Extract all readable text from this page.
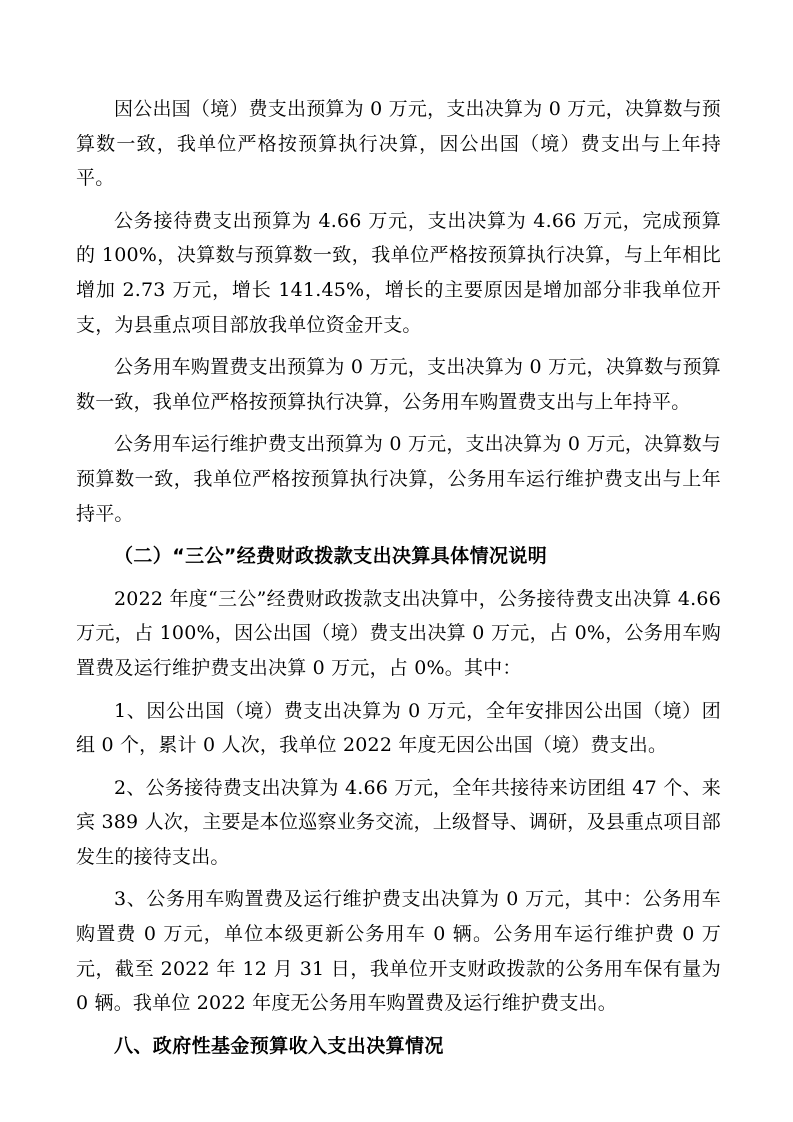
因公出国（境）费支出预算为 0 万元，支出决算为 0 万元，决算数与预算数一致，我单位严格按预算执行决算，因公出国（境）费支出与上年持平。

公务接待费支出预算为 4.66 万元，支出决算为 4.66 万元，完成预算的 100%，决算数与预算数一致，我单位严格按预算执行决算，与上年相比增加 2.73 万元，增长 141.45%，增长的主要原因是增加部分非我单位开支，为县重点项目部放我单位资金开支。

公务用车购置费支出预算为 0 万元，支出决算为 0 万元，决算数与预算数一致，我单位严格按预算执行决算，公务用车购置费支出与上年持平。

公务用车运行维护费支出预算为 0 万元，支出决算为 0 万元，决算数与预算数一致，我单位严格按预算执行决算，公务用车运行维护费支出与上年持平。

（二）“三公”经费财政拨款支出决算具体情况说明

2022 年度“三公”经费财政拨款支出决算中，公务接待费支出决算 4.66 万元，占 100%，因公出国（境）费支出决算 0 万元，占 0%，公务用车购置费及运行维护费支出决算 0 万元，占 0%。其中：

1、因公出国（境）费支出决算为 0 万元，全年安排因公出国（境）团组 0 个，累计 0 人次，我单位 2022 年度无因公出国（境）费支出。

2、公务接待费支出决算为 4.66 万元，全年共接待来访团组 47 个、来宾 389 人次，主要是本位巡察业务交流，上级督导、调研，及县重点项目部发生的接待支出。

3、公务用车购置费及运行维护费支出决算为 0 万元，其中：公务用车购置费 0 万元，单位本级更新公务用车 0 辆。公务用车运行维护费 0 万元，截至 2022 年 12 月 31 日，我单位开支财政拨款的公务用车保有量为 0 辆。我单位 2022 年度无公务用车购置费及运行维护费支出。

八、政府性基金预算收入支出决算情况
